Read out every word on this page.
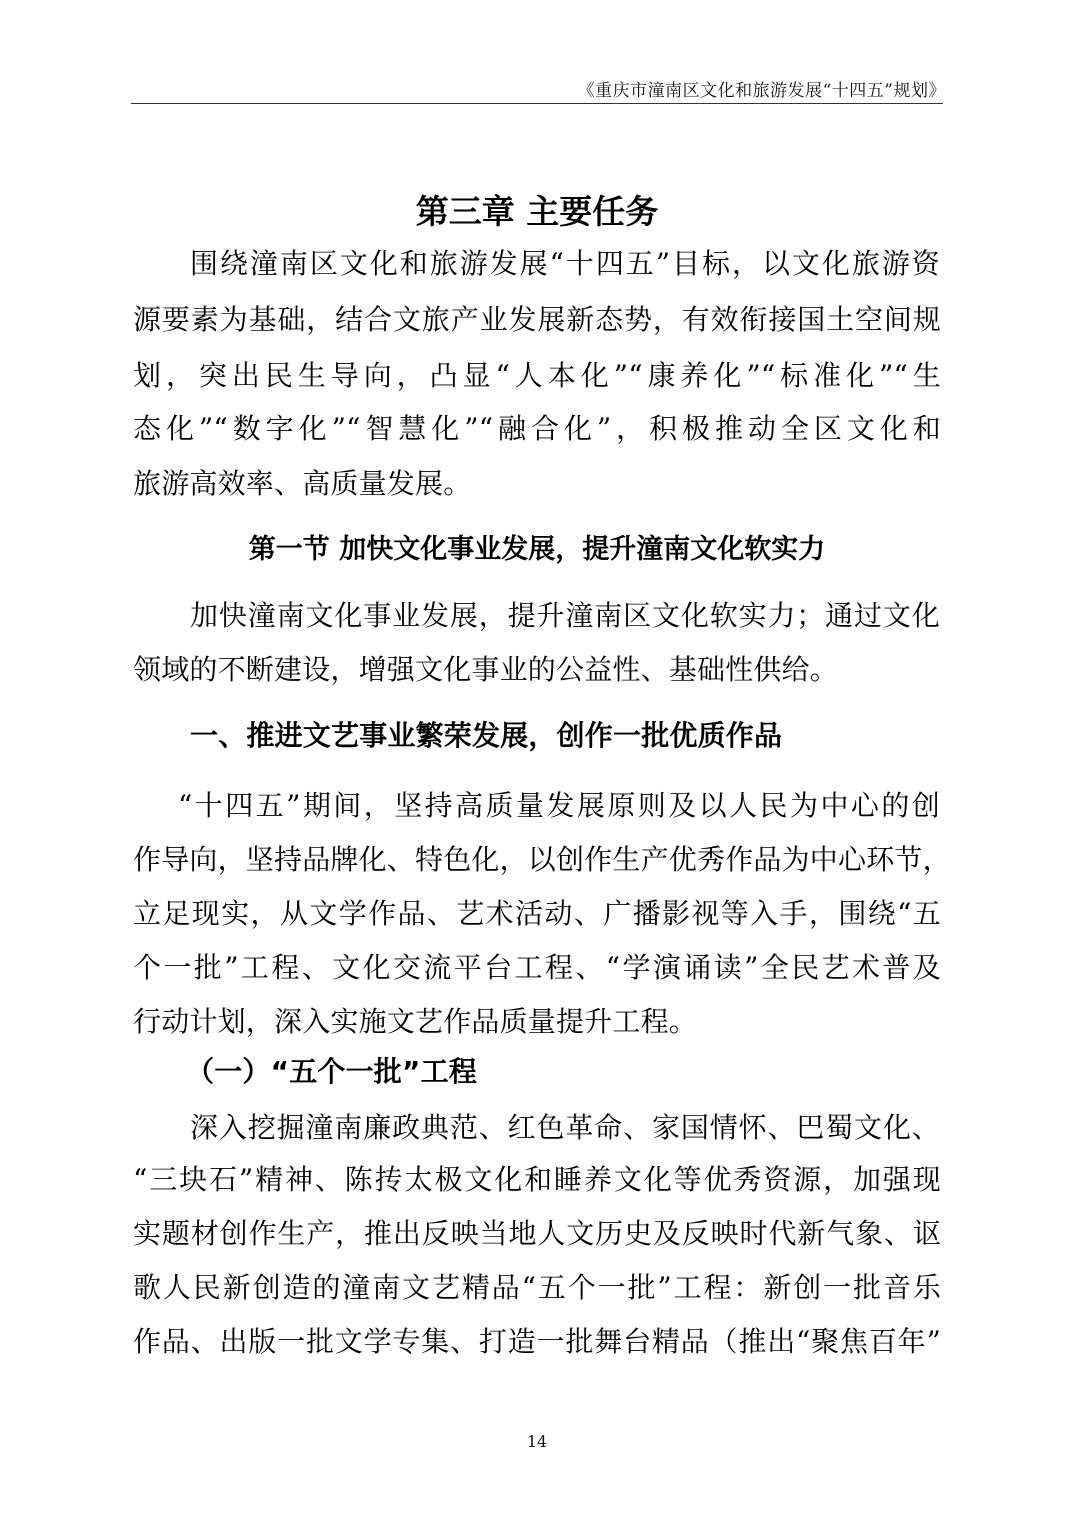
《重庆市潼南区文化和旅游发展“十四五”规划》
第三章 主要任务
围绕潼南区文化和旅游发展“十四五”目标，以文化旅游资
源要素为基础，结合文旅产业发展新态势，有效衔接国土空间规
划，突出民生导向，凸显“人本化”“康养化”“标准化”“生
态化”“数字化”“智慧化”“融合化”，积极推动全区文化和
旅游高效率、高质量发展。
第一节 加快文化事业发展，提升潼南文化软实力
加快潼南文化事业发展，提升潼南区文化软实力；通过文化
领域的不断建设，增强文化事业的公益性、基础性供给。
一、推进文艺事业繁荣发展，创作一批优质作品
“十四五”期间，坚持高质量发展原则及以人民为中心的创
作导向，坚持品牌化、特色化，以创作生产优秀作品为中心环节，
立足现实，从文学作品、艺术活动、广播影视等入手，围绕“五
个一批”工程、文化交流平台工程、“学演诵读”全民艺术普及
行动计划，深入实施文艺作品质量提升工程。
（一）“五个一批”工程
深入挖掘潼南廉政典范、红色革命、家国情怀、巴蜀文化、
“三块石”精神、陈抟太极文化和睡养文化等优秀资源，加强现
实题材创作生产，推出反映当地人文历史及反映时代新气象、讴
歌人民新创造的潼南文艺精品“五个一批”工程：新创一批音乐
作品、出版一批文学专集、打造一批舞台精品（推出“聚焦百年”
14
